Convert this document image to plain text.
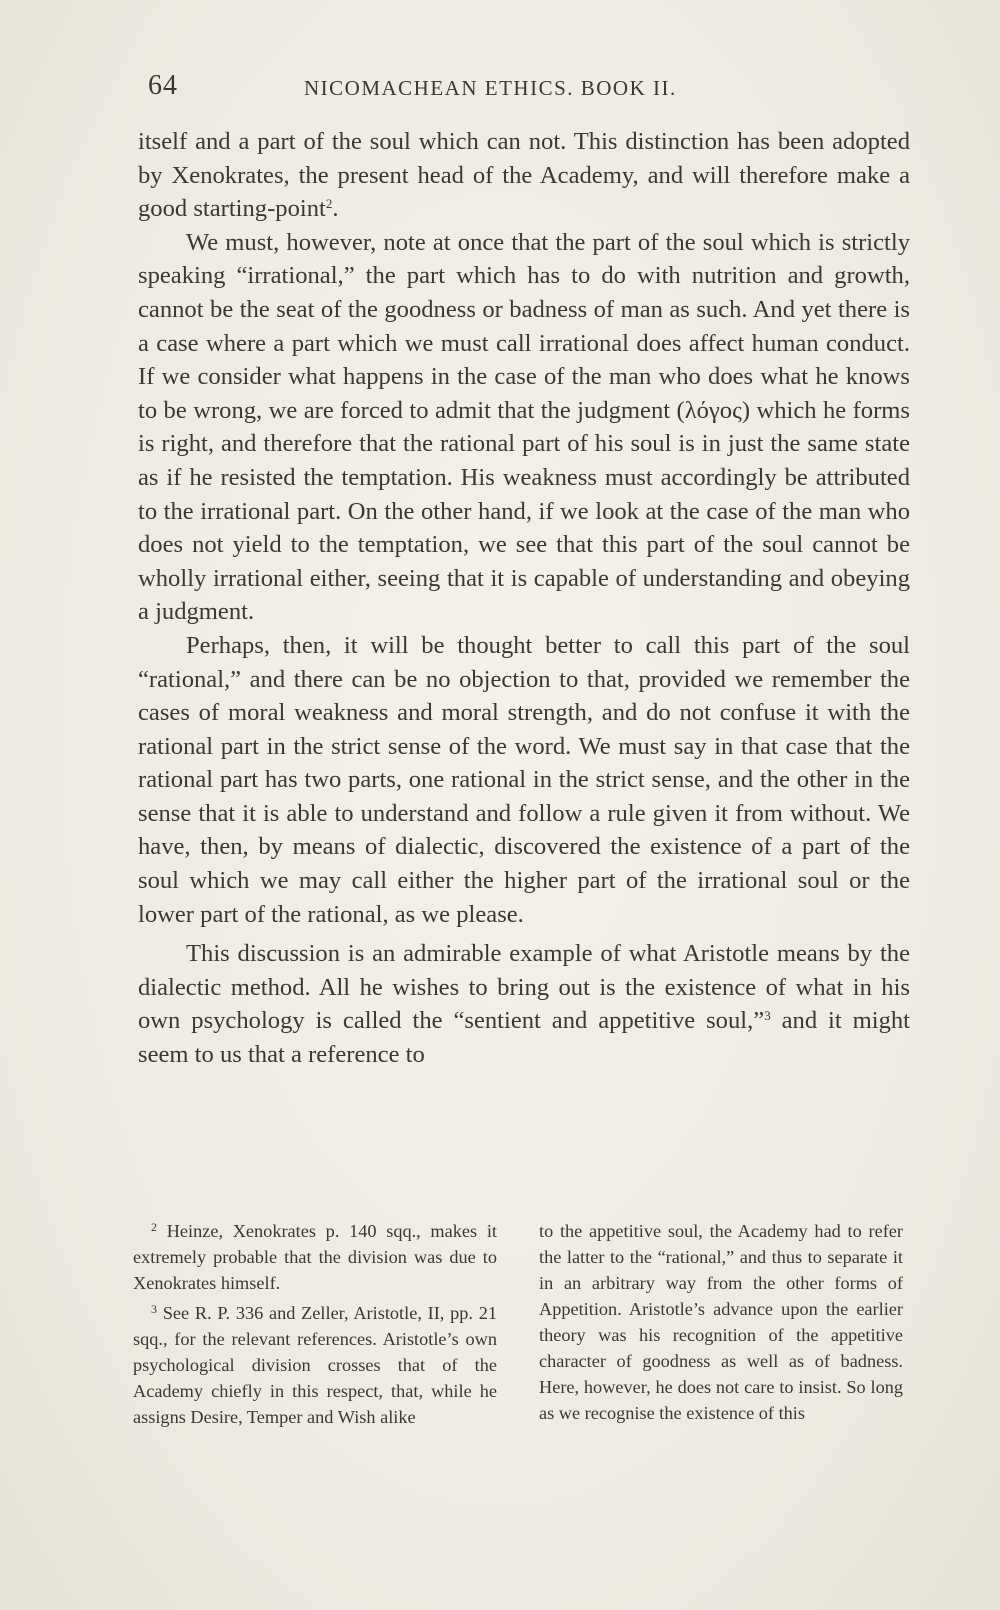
64	NICOMACHEAN ETHICS. BOOK II.

itself and a part of the soul which can not. This distinction has been adopted by Xenokrates, the present head of the Academy, and will therefore make a good starting-point$^2$.

We must, however, note at once that the part of the soul which is strictly speaking “irrational,” the part which has to do with nutrition and growth, cannot be the seat of the goodness or badness of man as such. And yet there is a case where a part which we must call irrational does affect human conduct. If we consider what happens in the case of the man who does what he knows to be wrong, we are forced to admit that the judgment (λόγος) which he forms is right, and therefore that the rational part of his soul is in just the same state as if he resisted the temptation. His weakness must accordingly be attributed to the irrational part. On the other hand, if we look at the case of the man who does not yield to the temptation, we see that this part of the soul cannot be wholly irrational either, seeing that it is capable of understanding and obeying a judgment.

Perhaps, then, it will be thought better to call this part of the soul “rational,” and there can be no objection to that, provided we remember the cases of moral weakness and moral strength, and do not confuse it with the rational part in the strict sense of the word. We must say in that case that the rational part has two parts, one rational in the strict sense, and the other in the sense that it is able to understand and follow a rule given it from without. We have, then, by means of dialectic, discovered the existence of a part of the soul which we may call either the higher part of the irrational soul or the lower part of the rational, as we please.

This discussion is an admirable example of what Aristotle means by the dialectic method. All he wishes to bring out is the existence of what in his own psychology is called the “sentient and appetitive soul,”$^3$ and it might seem to us that a reference to

$^2$ Heinze, Xenokrates p. 140 sqq., makes it extremely probable that the division was due to Xenokrates himself.

$^3$ See R. P. 336 and Zeller, Aristotle, II, pp. 21 sqq., for the relevant references. Aristotle’s own psychological division crosses that of the Academy chiefly in this respect, that, while he assigns Desire, Temper and Wish alike

to the appetitive soul, the Academy had to refer the latter to the “rational,” and thus to separate it in an arbitrary way from the other forms of Appetition. Aristotle’s advance upon the earlier theory was his recognition of the appetitive character of goodness as well as of badness. Here, however, he does not care to insist. So long as we recognise the existence of this
